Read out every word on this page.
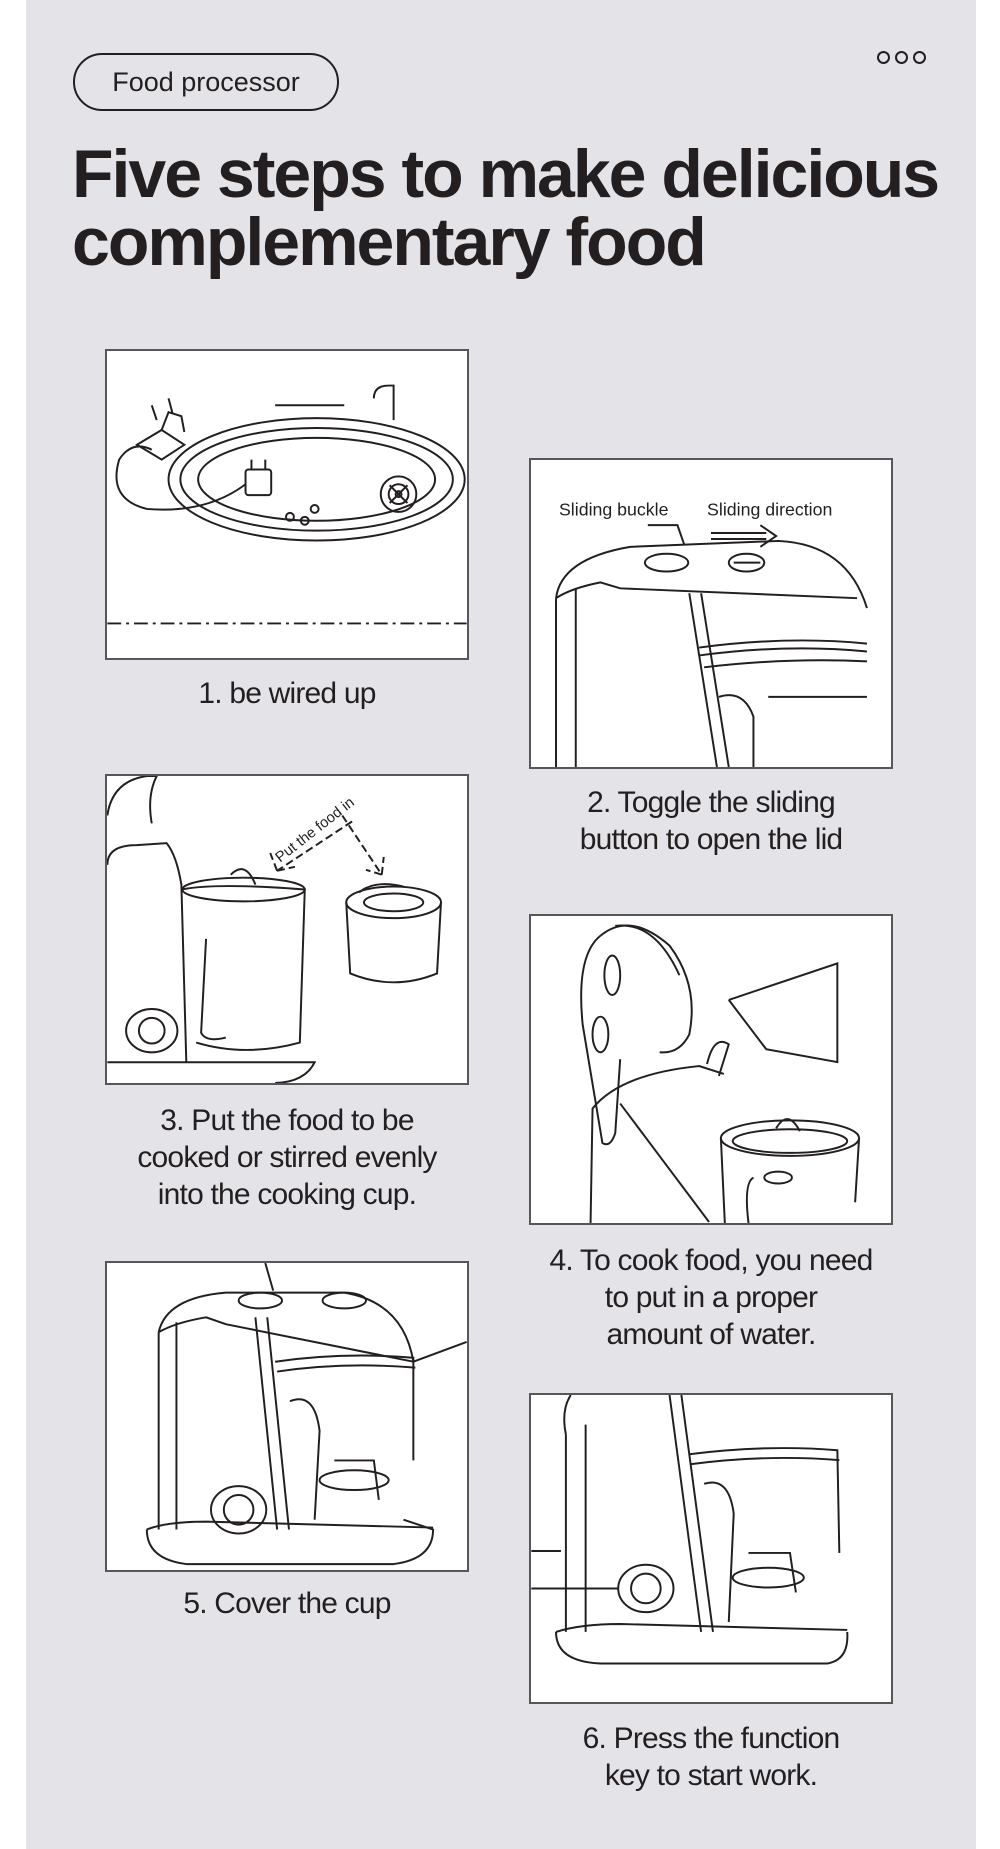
Food processor
Five steps to make delicious
complementary food

1. be wired up

Sliding buckle Sliding direction

2. Toggle the sliding
button to open the lid

Put the food in

3. Put the food to be
cooked or stirred evenly
into the cooking cup.

4. To cook food, you need
to put in a proper
amount of water.

5. Cover the cup

6. Press the function
key to start work.
